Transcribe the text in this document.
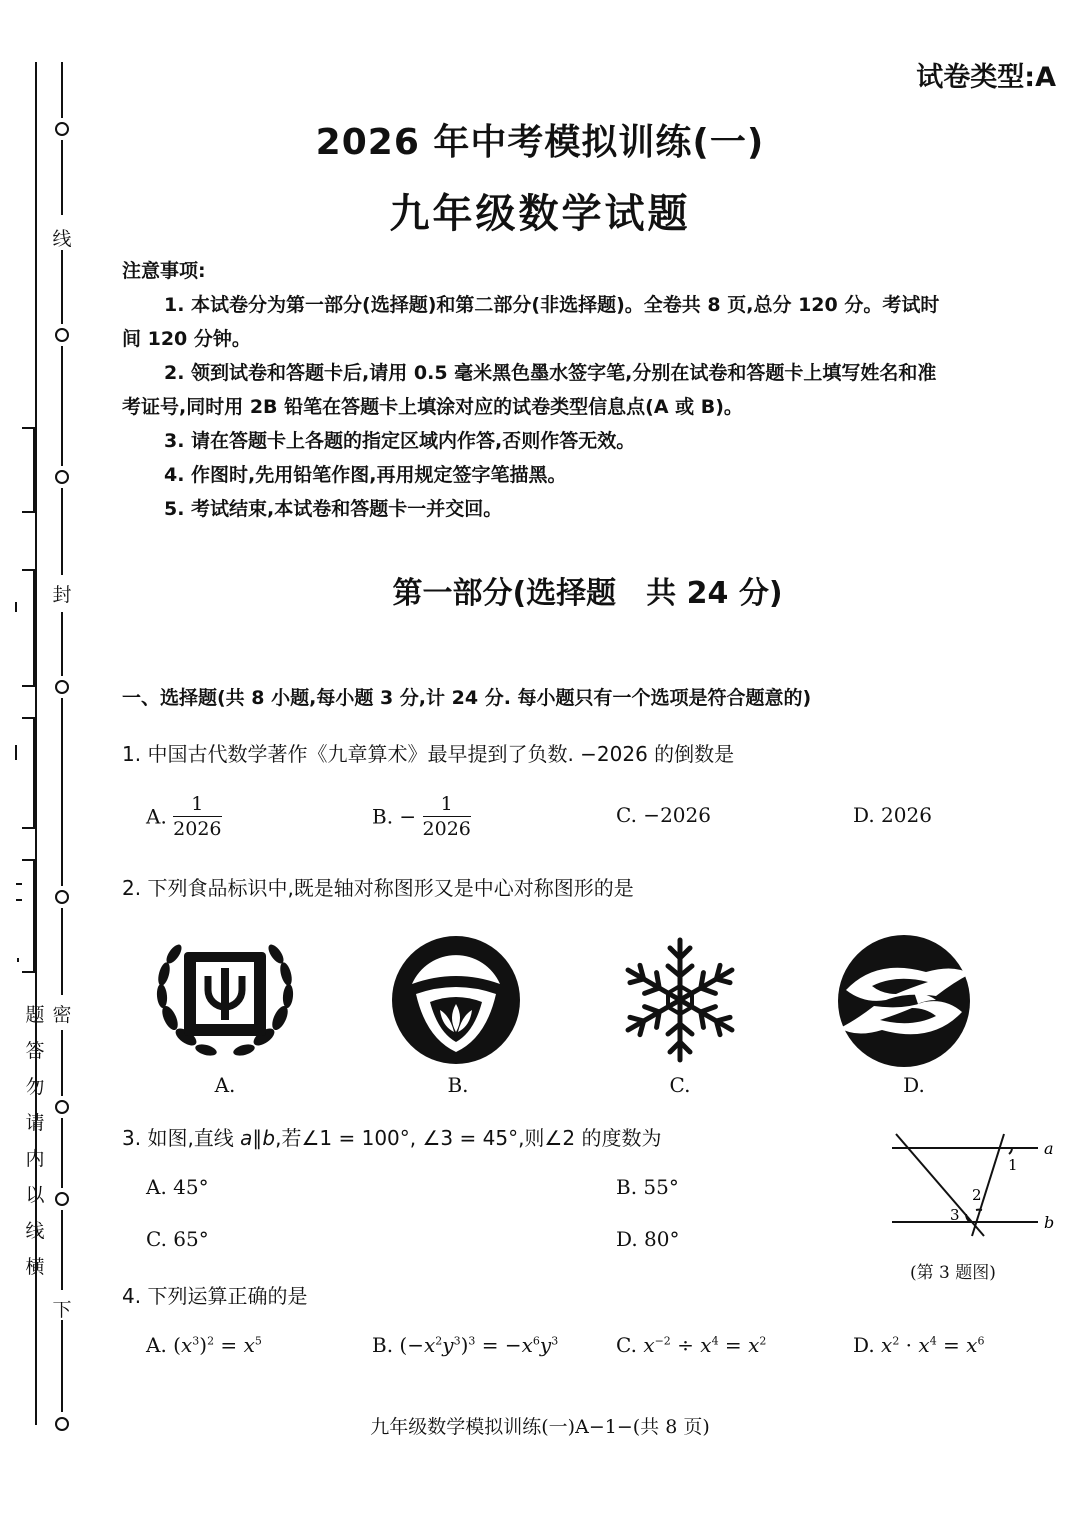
线
封
密
下
题
答
勿
请
内
以
线
横
试卷类型:A
2026 年中考模拟训练(一)
九年级数学试题

注意事项:

1. 本试卷分为第一部分(选择题)和第二部分(非选择题)。全卷共 8 页,总分 120 分。考试时

间 120 分钟。

2. 领到试卷和答题卡后,请用 0.5 毫米黑色墨水签字笔,分别在试卷和答题卡上填写姓名和准

考证号,同时用 2B 铅笔在答题卡上填涂对应的试卷类型信息点(A 或 B)。

3. 请在答题卡上各题的指定区域内作答,否则作答无效。

4. 作图时,先用铅笔作图,再用规定签字笔描黑。

5. 考试结束,本试卷和答题卡一并交回。

第一部分(选择题　共 24 分)
一、选择题(共 8 小题,每小题 3 分,计 24 分. 每小题只有一个选项是符合题意的)
1. 中国古代数学著作《九章算术》最早提到了负数. −2026 的倒数是
A. $\frac{1}{2026}$	B. − $\frac{1}{2026}$	C. −2026	D. 2026
2. 下列食品标识中,既是轴对称图形又是中心对称图形的是
A.	B.	C.	D.
3. 如图,直线 a∥b,若∠1 = 100°, ∠3 = 45°,则∠2 的度数为
A. 45°	B. 55°
C. 65°	D. 80°
a
b
1
2
3
(第 3 题图)
4. 下列运算正确的是
A. $(x^3)^2 = x^5$	B. $(-x^2y^3)^3 = -x^6y^3$	C. $x^{-2} \div x^4 = x^2$	D. $x^2 \cdot x^4 = x^6$
九年级数学模拟训练(一)A−1−(共 8 页)
